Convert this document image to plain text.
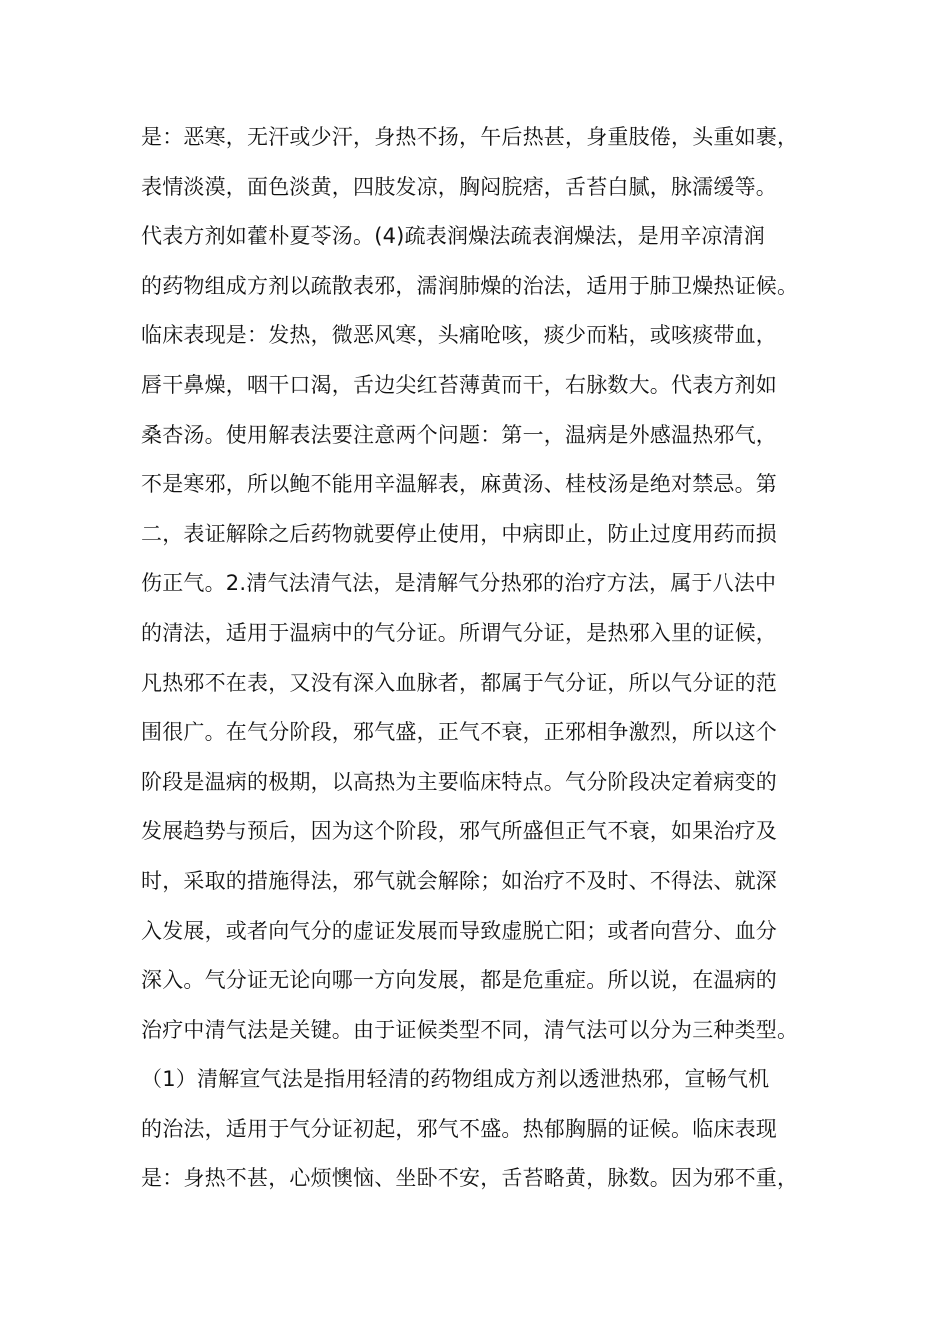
是：恶寒，无汗或少汗，身热不扬，午后热甚，身重肢倦，头重如裹，
表情淡漠，面色淡黄，四肢发凉，胸闷脘痞，舌苔白腻，脉濡缓等。
代表方剂如藿朴夏苓汤。(4)疏表润燥法疏表润燥法，是用辛凉清润
的药物组成方剂以疏散表邪，濡润肺燥的治法，适用于肺卫燥热证候。
临床表现是：发热，微恶风寒，头痛呛咳，痰少而粘，或咳痰带血，
唇干鼻燥，咽干口渴，舌边尖红苔薄黄而干，右脉数大。代表方剂如
桑杏汤。使用解表法要注意两个问题：第一，温病是外感温热邪气，
不是寒邪，所以鲍不能用辛温解表，麻黄汤、桂枝汤是绝对禁忌。第
二，表证解除之后药物就要停止使用，中病即止，防止过度用药而损
伤正气。2.清气法清气法，是清解气分热邪的治疗方法，属于八法中
的清法，适用于温病中的气分证。所谓气分证，是热邪入里的证候，
凡热邪不在表，又没有深入血脉者，都属于气分证，所以气分证的范
围很广。在气分阶段，邪气盛，正气不衰，正邪相争激烈，所以这个
阶段是温病的极期，以高热为主要临床特点。气分阶段决定着病变的
发展趋势与预后，因为这个阶段，邪气所盛但正气不衰，如果治疗及
时，采取的措施得法，邪气就会解除；如治疗不及时、不得法、就深
入发展，或者向气分的虚证发展而导致虚脱亡阳；或者向营分、血分
深入。气分证无论向哪一方向发展，都是危重症。所以说，在温病的
治疗中清气法是关键。由于证候类型不同，清气法可以分为三种类型。
（1）清解宣气法是指用轻清的药物组成方剂以透泄热邪，宣畅气机
的治法，适用于气分证初起，邪气不盛。热郁胸膈的证候。临床表现
是：身热不甚，心烦懊恼、坐卧不安，舌苔略黄，脉数。因为邪不重，
